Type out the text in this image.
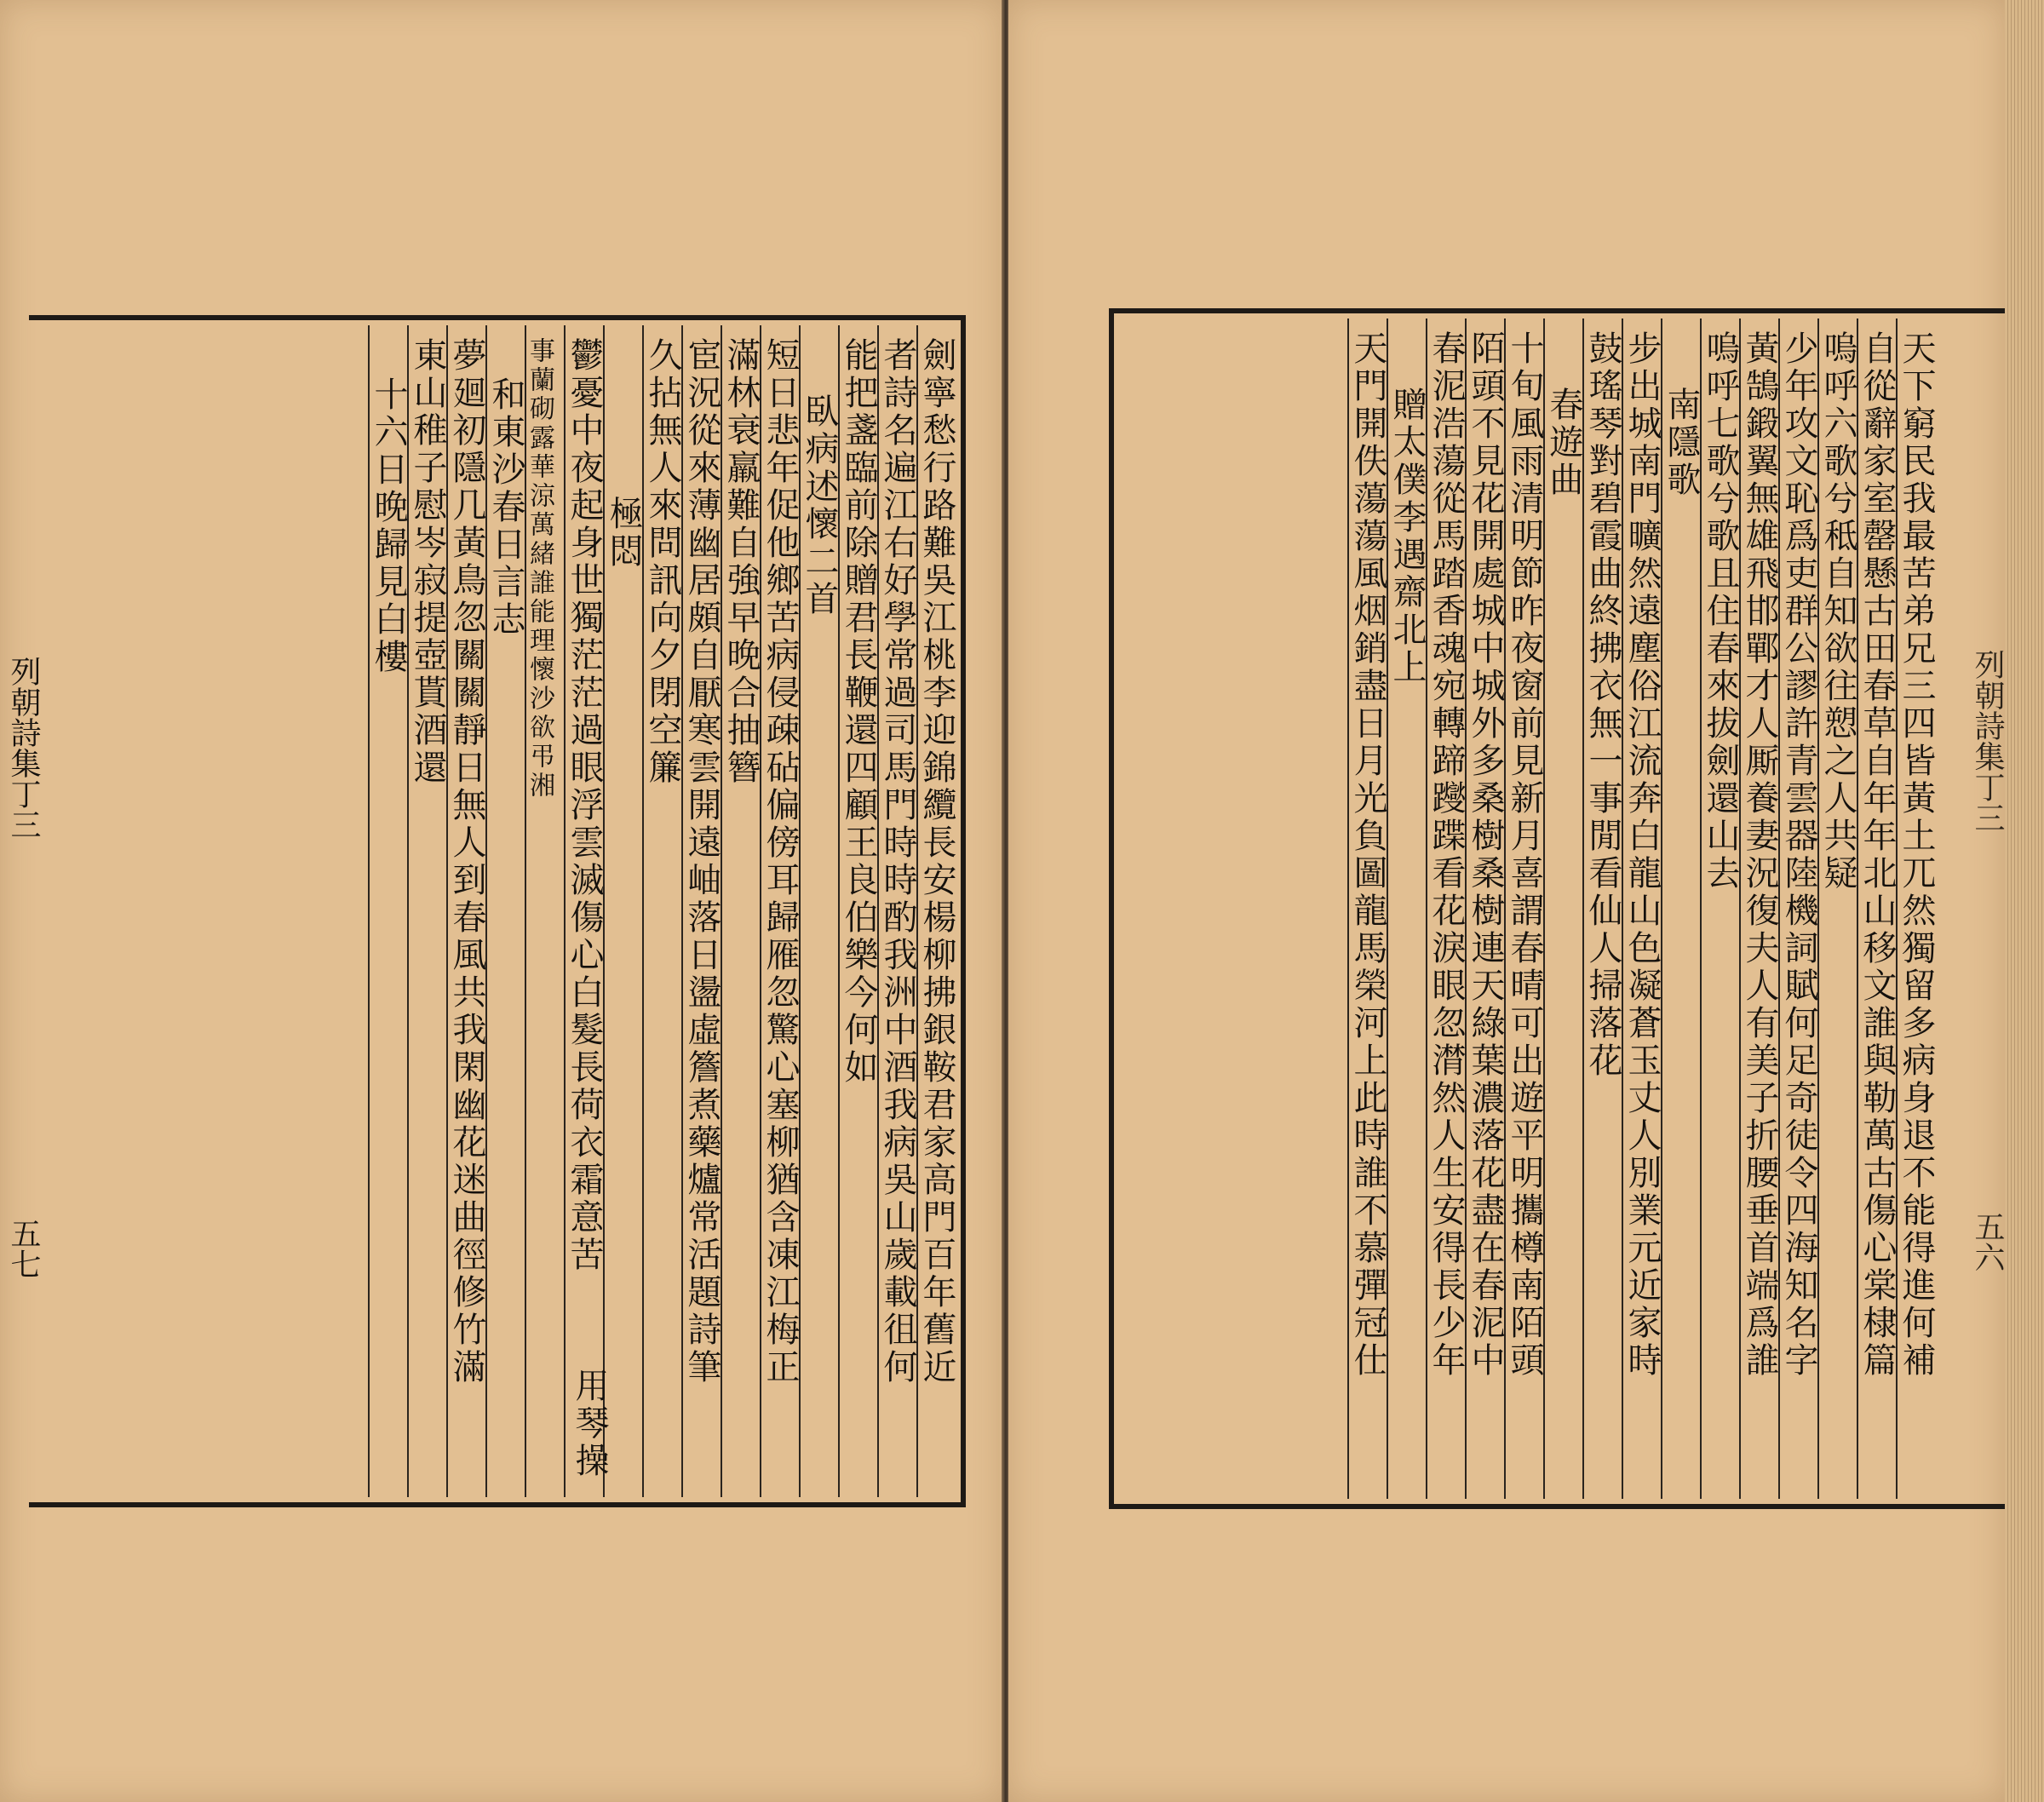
列朝詩集丁三
五七	劍寧愁行路難吳江桃李迎錦纜長安楊柳拂銀鞍君家高門百年舊近
者詩名遍江右好學常過司馬門時時酌我洲中酒我病吳山歲載徂何
能把盞臨前除贈君長鞭還四顧王良伯樂今何如
臥病述懷二首
短日悲年促他鄉苦病侵疎砧偏傍耳歸雁忽驚心塞柳猶含凍江梅正
滿林衰羸難自強早晚合抽簪
宦況從來薄幽居頗自厭寒雲開遠岫落日盪虛簷煮藥爐常活題詩筆
久拈無人來問訊向夕閉空簾
極悶
鬱憂中夜起身世獨茫茫過眼浮雲滅傷心白髮長荷衣霜意苦
用琴操
事蘭砌露華涼萬緒誰能理懷沙欲弔湘
和東沙春日言志
夢廻初隱几黃鳥忽關關靜日無人到春風共我閑幽花迷曲徑修竹滿
東山稚子慰岑寂提壺貰酒還
十六日晚歸見白樓	天下窮民我最苦弟兄三四皆黃土兀然獨留多病身退不能得進何補
自從辭家室罄懸古田春草自年年北山移文誰與勒萬古傷心棠棣篇
嗚呼六歌兮秪自知欲往愬之人共疑
少年攻文恥爲吏群公謬許青雲器陸機詞賦何足奇徒令四海知名字
黃鵠鍛翼無雄飛邯鄲才人厮養妻況復夫人有美子折腰垂首端爲誰
嗚呼七歌兮歌且住春來拔劍還山去
南隱歌
步出城南門曠然遠塵俗江流奔白龍山色凝蒼玉丈人別業元近家時
鼓瑤琴對碧霞曲終拂衣無一事閒看仙人掃落花
春遊曲
十旬風雨清明節昨夜窗前見新月喜謂春晴可出遊平明攜樽南陌頭
陌頭不見花開處城中城外多桑樹桑樹連天綠葉濃落花盡在春泥中
春泥浩蕩從馬踏香魂宛轉蹄躞蹀看花淚眼忽潸然人生安得長少年
贈太僕李遇齋北上
天門開佚蕩蕩風烟銷盡日月光負圖龍馬榮河上此時誰不慕彈冠仕	列朝詩集丁三
五六
